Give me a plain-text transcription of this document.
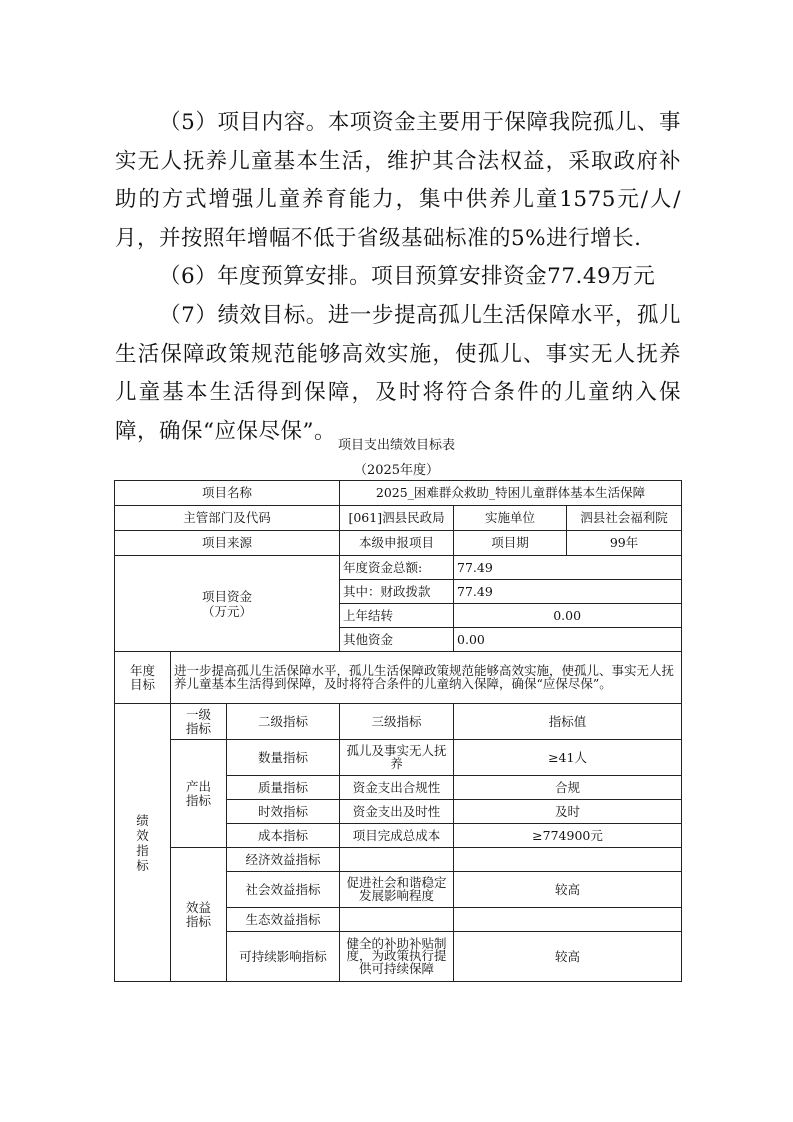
（5）项目内容。本项资金主要用于保障我院孤儿、事实无人抚养儿童基本生活，维护其合法权益，采取政府补助的方式增强儿童养育能力，集中供养儿童1575元/人/月，并按照年增幅不低于省级基础标准的5%进行增长.
（6）年度预算安排。项目预算安排资金77.49万元
（7）绩效目标。进一步提高孤儿生活保障水平，孤儿生活保障政策规范能够高效实施，使孤儿、事实无人抚养儿童基本生活得到保障，及时将符合条件的儿童纳入保障，确保“应保尽保”。
项目支出绩效目标表
（2025年度）
项目名称			2025_困难群众救助_特困儿童群体基本生活保障		
主管部门及代码			[061]泗县民政局	实施单位	泗县社会福利院
项目来源			本级申报项目	项目期	99年

项目资金（万元）			年度资金总额:	77.49	
			其中：财政拨款	77.49	
			上年结转	0.00	
			其他资金	0.00	

年度目标	进一步提高孤儿生活保障水平，孤儿生活保障政策规范能够高效实施，使孤儿、事实无人抚养儿童基本生活得到保障，及时将符合条件的儿童纳入保障，确保“应保尽保”。				

绩效指标	一级指标	二级指标	三级指标	指标值	

	产出指标	数量指标	孤儿及事实无人抚养	≥41人	
		质量指标	资金支出合规性	合规	
		时效指标	资金支出及时性	及时	
		成本指标	项目完成总成本	≥774900元	

	效益指标	经济效益指标			
		社会效益指标	促进社会和谐稳定发展影响程度	较高	
		生态效益指标			
		可持续影响指标	健全的补助补贴制度，为政策执行提供可持续保障	较高	
